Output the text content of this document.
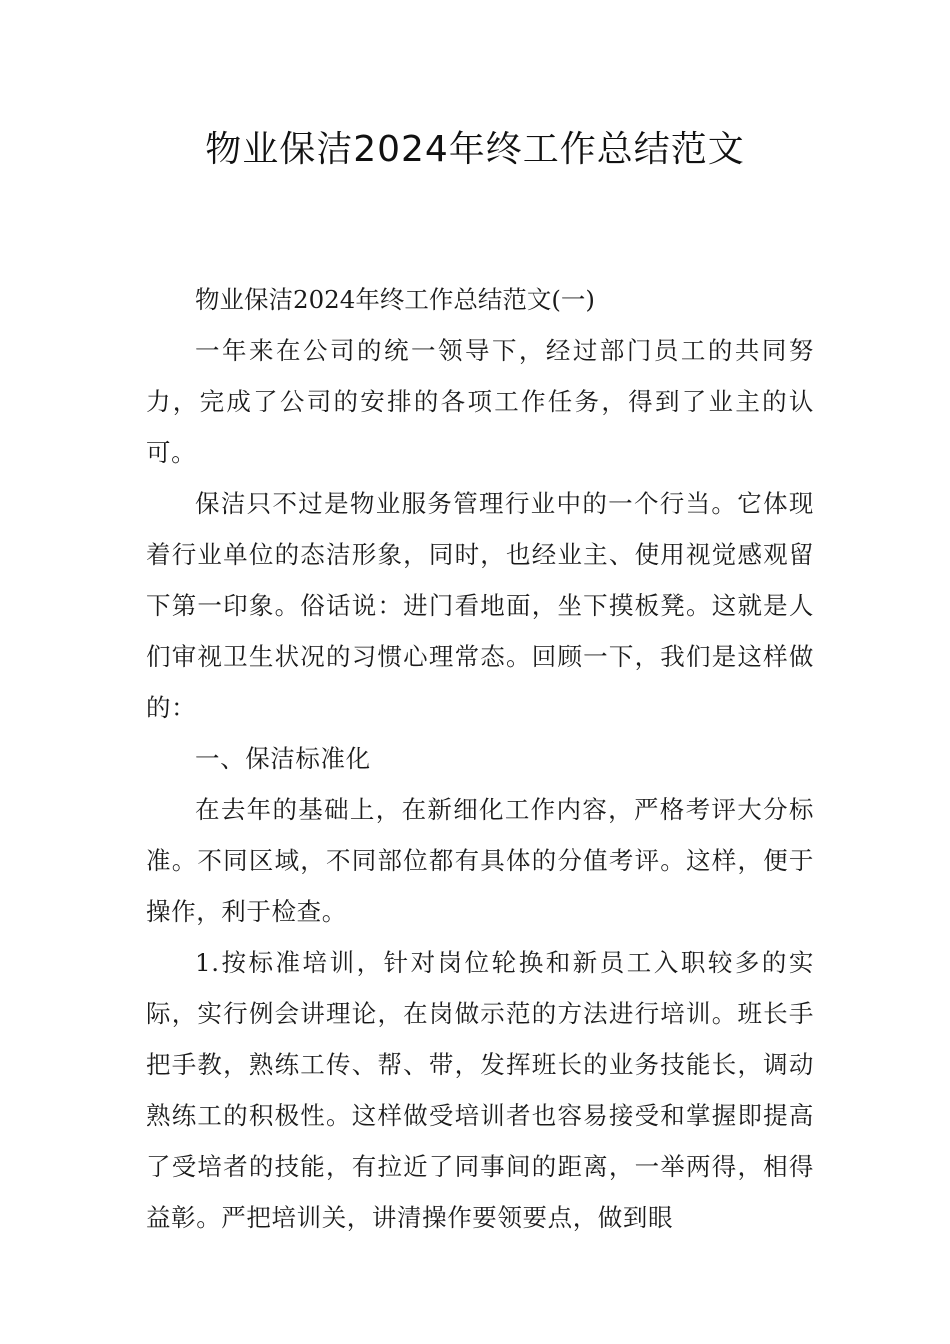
物业保洁2024年终工作总结范文

物业保洁2024年终工作总结范文(一)

一年来在公司的统一领导下，经过部门员工的共同努力，完成了公司的安排的各项工作任务，得到了业主的认可。

保洁只不过是物业服务管理行业中的一个行当。它体现着行业单位的态洁形象，同时，也经业主、使用视觉感观留下第一印象。俗话说：进门看地面，坐下摸板凳。这就是人们审视卫生状况的习惯心理常态。回顾一下，我们是这样做的：

一、保洁标准化

在去年的基础上，在新细化工作内容，严格考评大分标准。不同区域，不同部位都有具体的分值考评。这样，便于操作，利于检查。

1.按标准培训，针对岗位轮换和新员工入职较多的实际，实行例会讲理论，在岗做示范的方法进行培训。班长手把手教，熟练工传、帮、带，发挥班长的业务技能长，调动熟练工的积极性。这样做受培训者也容易接受和掌握即提高了受培者的技能，有拉近了同事间的距离，一举两得，相得益彰。严把培训关，讲清操作要领要点，做到眼
